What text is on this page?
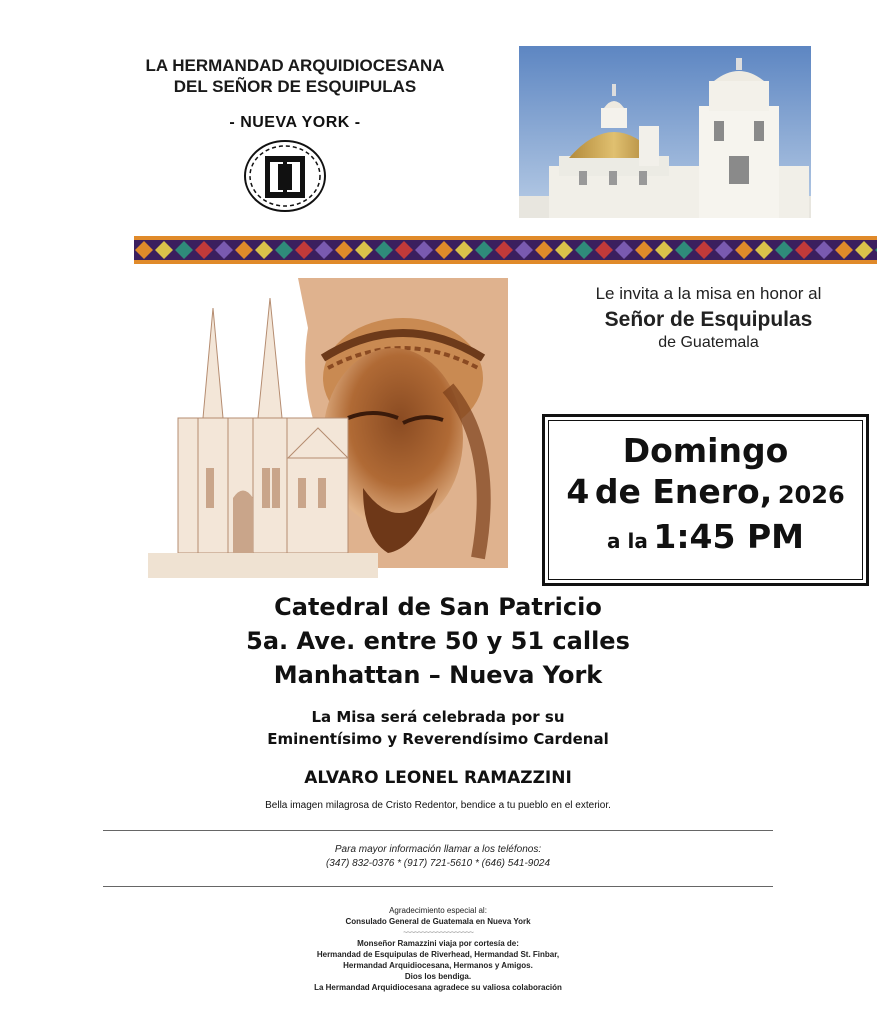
LA HERMANDAD ARQUIDIOCESANA
DEL SEÑOR DE ESQUIPULAS
- NUEVA YORK -
Le invita a la misa en honor al
Señor de Esquipulas
de Guatemala
Domingo
4 de Enero, 2026
a la 1:45 PM
Catedral de San Patricio
5a. Ave. entre 50 y 51 calles
Manhattan – Nueva York
La Misa será celebrada por su
Eminentísimo y Reverendísimo Cardenal
ALVARO LEONEL RAMAZZINI
Bella imagen milagrosa de Cristo Redentor, bendice a tu pueblo en el exterior.
Para mayor información llamar a los teléfonos:
(347) 832-0376 * (917) 721-5610 * (646) 541-9024
Agradecimiento especial al:
Consulado General de Guatemala en Nueva York
~~~~~~~~~~~~~~~~~~~
Monseñor Ramazzini viaja por cortesía de:
Hermandad de Esquipulas de Riverhead, Hermandad St. Finbar,
Hermandad Arquidiocesana, Hermanos y Amigos.
Dios los bendiga.
La Hermandad Arquidiocesana agradece su valiosa colaboración
